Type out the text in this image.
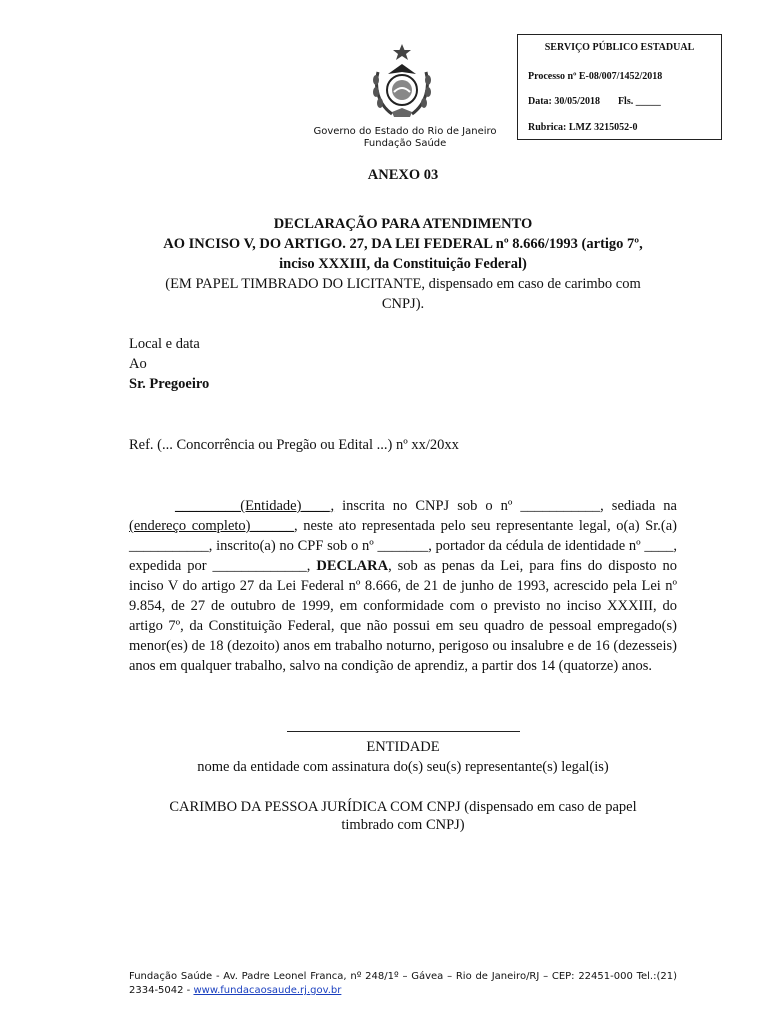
Governo do Estado do Rio de Janeiro
Fundação Saúde
SERVIÇO PÚBLICO ESTADUAL
Processo nº E-08/007/1452/2018
Data: 30/05/2018 Fls. _____
Rubrica: LMZ 3215052-0
ANEXO 03
DECLARAÇÃO PARA ATENDIMENTO
AO INCISO V, DO ARTIGO. 27, DA LEI FEDERAL nº 8.666/1993 (artigo 7º,
inciso XXXIII, da Constituição Federal)
(EM PAPEL TIMBRADO DO LICITANTE, dispensado em caso de carimbo com
CNPJ).
Local e data
Ao
Sr. Pregoeiro
Ref. (... Concorrência ou Pregão ou Edital ...) nº xx/20xx
_________(Entidade)____, inscrita no CNPJ sob o nº ___________, sediada na (endereço completo)______, neste ato representada pelo seu representante legal, o(a) Sr.(a) ___________, inscrito(a) no CPF sob o nº _______, portador da cédula de identidade nº ____, expedida por _____________, DECLARA, sob as penas da Lei, para fins do disposto no inciso V do artigo 27 da Lei Federal nº 8.666, de 21 de junho de 1993, acrescido pela Lei nº 9.854, de 27 de outubro de 1999, em conformidade com o previsto no inciso XXXIII, do artigo 7º, da Constituição Federal, que não possui em seu quadro de pessoal empregado(s) menor(es) de 18 (dezoito) anos em trabalho noturno, perigoso ou insalubre e de 16 (dezesseis) anos em qualquer trabalho, salvo na condição de aprendiz, a partir dos 14 (quatorze) anos.
ENTIDADE
nome da entidade com assinatura do(s) seu(s) representante(s) legal(is)
CARIMBO DA PESSOA JURÍDICA COM CNPJ (dispensado em caso de papel
timbrado com CNPJ)
Fundação Saúde - Av. Padre Leonel Franca, nº 248/1º – Gávea – Rio de Janeiro/RJ – CEP: 22451-000 Tel.:(21) 2334-5042 - www.fundacaosaude.rj.gov.br
